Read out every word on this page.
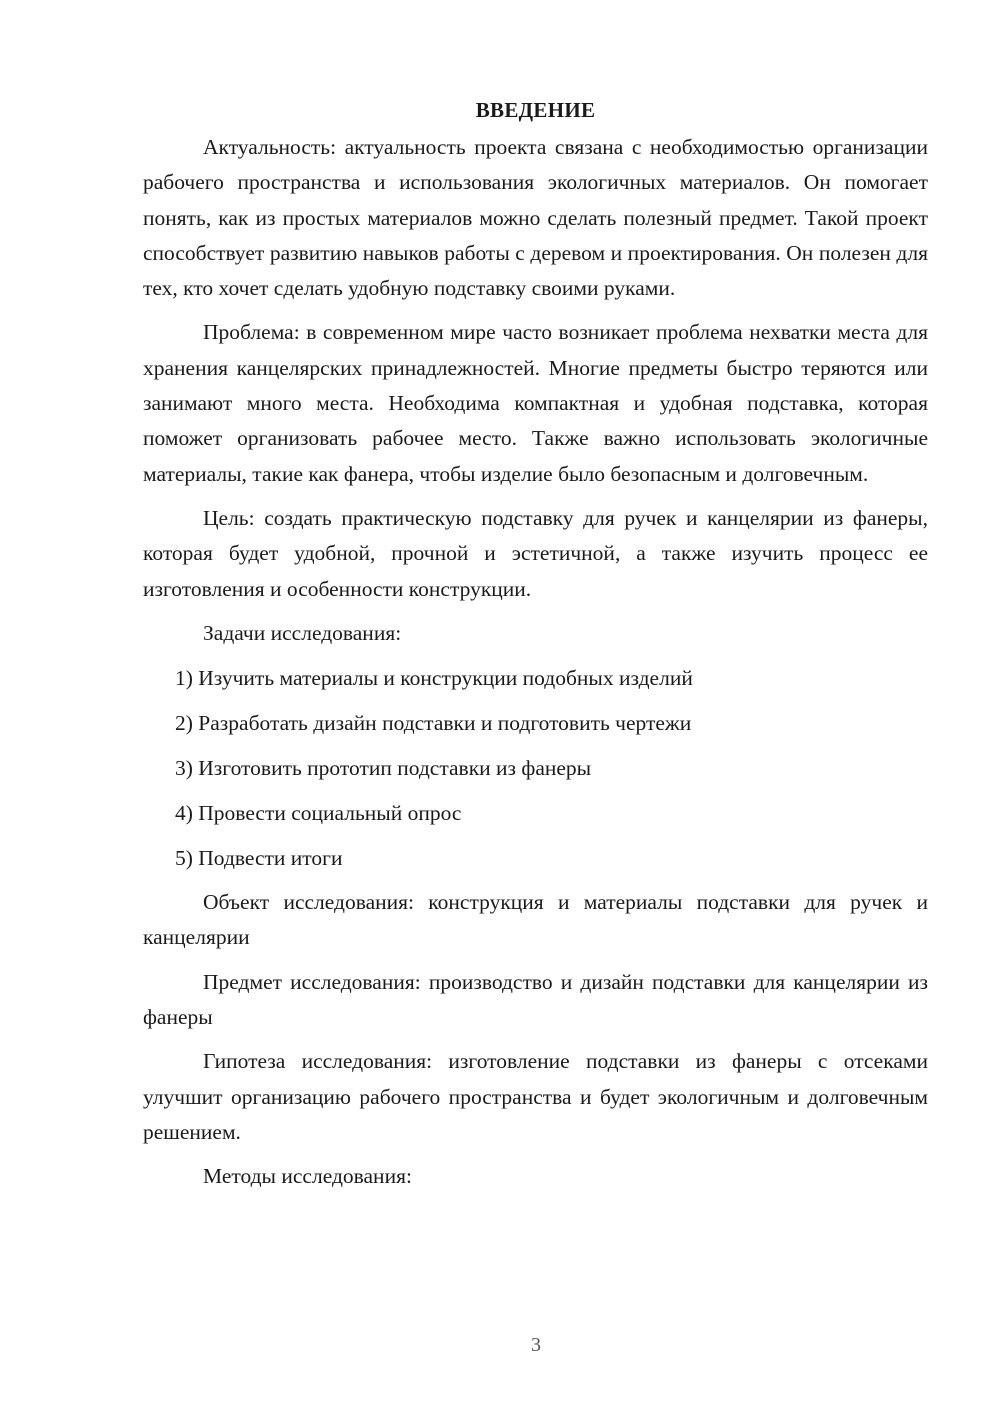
ВВЕДЕНИЕ

Актуальность: актуальность проекта связана с необходимостью организации рабочего пространства и использования экологичных материалов. Он помогает понять, как из простых материалов можно сделать полезный предмет. Такой проект способствует развитию навыков работы с деревом и проектирования. Он полезен для тех, кто хочет сделать удобную подставку своими руками.

Проблема: в современном мире часто возникает проблема нехватки места для хранения канцелярских принадлежностей. Многие предметы быстро теряются или занимают много места. Необходима компактная и удобная подставка, которая поможет организовать рабочее место. Также важно использовать экологичные материалы, такие как фанера, чтобы изделие было безопасным и долговечным.

Цель: создать практическую подставку для ручек и канцелярии из фанеры, которая будет удобной, прочной и эстетичной, а также изучить процесс ее изготовления и особенности конструкции.

Задачи исследования:

1) Изучить материалы и конструкции подобных изделий
2) Разработать дизайн подставки и подготовить чертежи
3) Изготовить прототип подставки из фанеры
4) Провести социальный опрос
5) Подвести итоги

Объект исследования: конструкция и материалы подставки для ручек и канцелярии

Предмет исследования: производство и дизайн подставки для канцелярии из фанеры

Гипотеза исследования: изготовление подставки из фанеры с отсеками улучшит организацию рабочего пространства и будет экологичным и долговечным решением.

Методы исследования:

3
